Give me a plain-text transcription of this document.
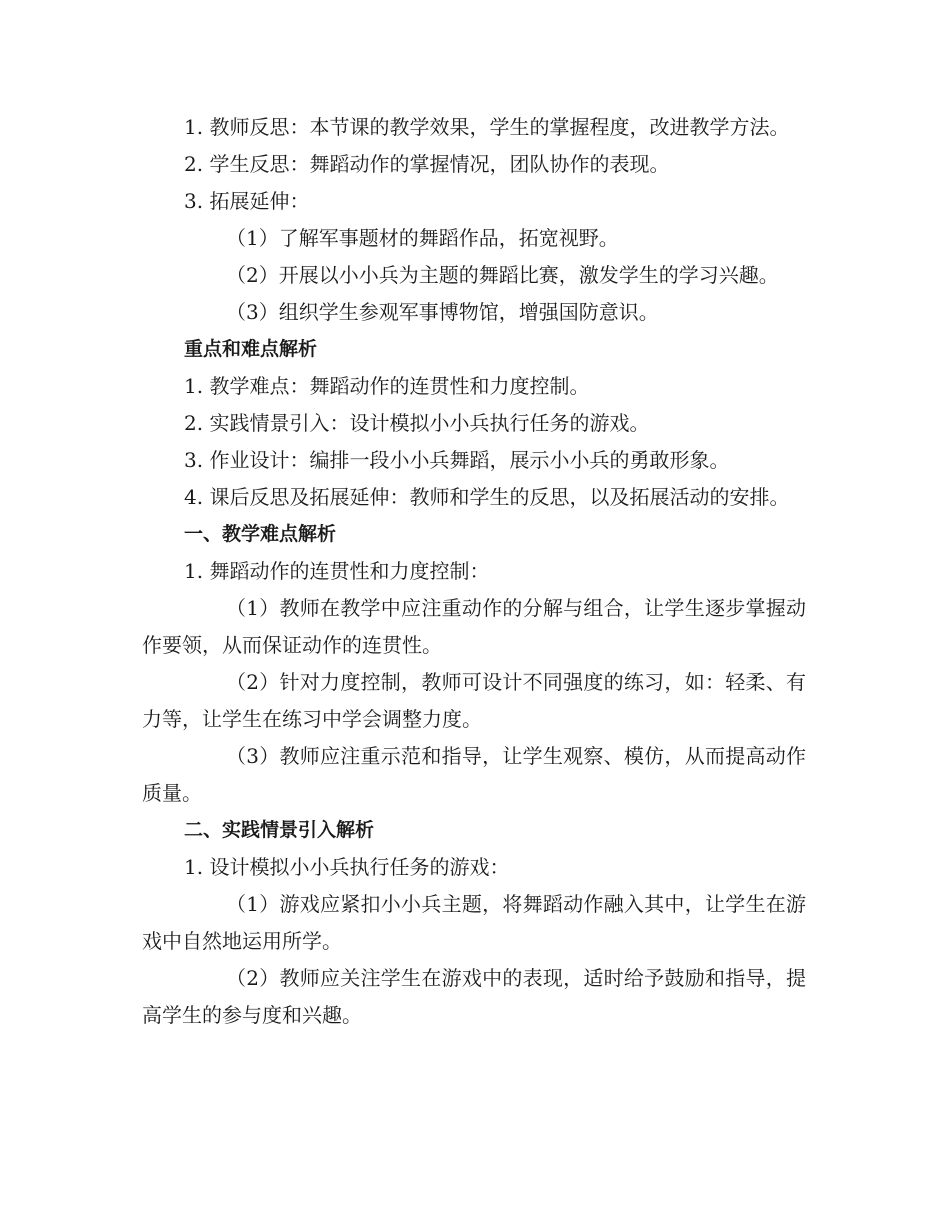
1. 教师反思：本节课的教学效果，学生的掌握程度，改进教学方法。

2. 学生反思：舞蹈动作的掌握情况，团队协作的表现。

3. 拓展延伸：

（1）了解军事题材的舞蹈作品，拓宽视野。

（2）开展以小小兵为主题的舞蹈比赛，激发学生的学习兴趣。

（3）组织学生参观军事博物馆，增强国防意识。

重点和难点解析

1. 教学难点：舞蹈动作的连贯性和力度控制。

2. 实践情景引入：设计模拟小小兵执行任务的游戏。

3. 作业设计：编排一段小小兵舞蹈，展示小小兵的勇敢形象。

4. 课后反思及拓展延伸：教师和学生的反思，以及拓展活动的安排。

一、教学难点解析

1. 舞蹈动作的连贯性和力度控制：

（1）教师在教学中应注重动作的分解与组合，让学生逐步掌握动作要领，从而保证动作的连贯性。

（2）针对力度控制，教师可设计不同强度的练习，如：轻柔、有力等，让学生在练习中学会调整力度。

（3）教师应注重示范和指导，让学生观察、模仿，从而提高动作质量。

二、实践情景引入解析

1. 设计模拟小小兵执行任务的游戏：

（1）游戏应紧扣小小兵主题，将舞蹈动作融入其中，让学生在游戏中自然地运用所学。

（2）教师应关注学生在游戏中的表现，适时给予鼓励和指导，提高学生的参与度和兴趣。
